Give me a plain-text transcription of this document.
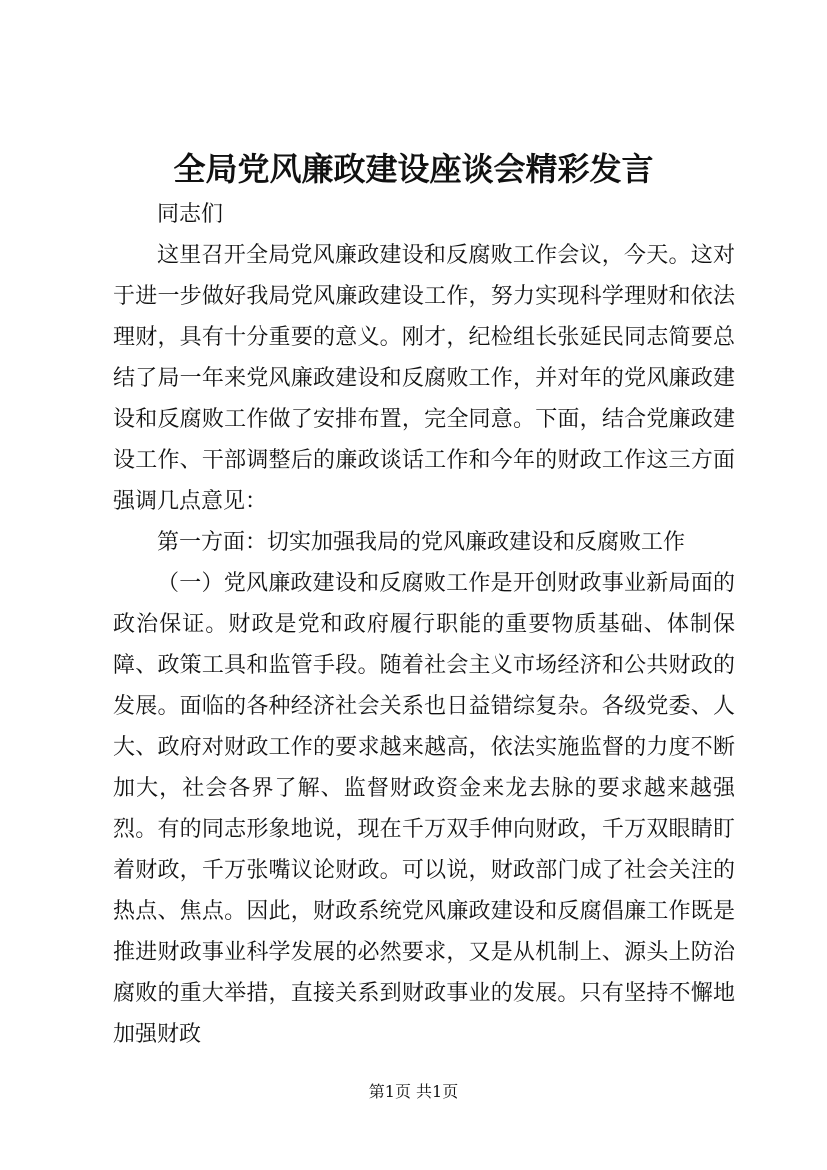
全局党风廉政建设座谈会精彩发言

同志们

这里召开全局党风廉政建设和反腐败工作会议，今天。这对于进一步做好我局党风廉政建设工作，努力实现科学理财和依法理财，具有十分重要的意义。刚才，纪检组长张延民同志简要总结了局一年来党风廉政建设和反腐败工作，并对年的党风廉政建设和反腐败工作做了安排布置，完全同意。下面，结合党廉政建设工作、干部调整后的廉政谈话工作和今年的财政工作这三方面强调几点意见：

第一方面：切实加强我局的党风廉政建设和反腐败工作

（一）党风廉政建设和反腐败工作是开创财政事业新局面的政治保证。财政是党和政府履行职能的重要物质基础、体制保障、政策工具和监管手段。随着社会主义市场经济和公共财政的发展。面临的各种经济社会关系也日益错综复杂。各级党委、人大、政府对财政工作的要求越来越高，依法实施监督的力度不断加大，社会各界了解、监督财政资金来龙去脉的要求越来越强烈。有的同志形象地说，现在千万双手伸向财政，千万双眼睛盯着财政，千万张嘴议论财政。可以说，财政部门成了社会关注的热点、焦点。因此，财政系统党风廉政建设和反腐倡廉工作既是推进财政事业科学发展的必然要求，又是从机制上、源头上防治腐败的重大举措，直接关系到财政事业的发展。只有坚持不懈地加强财政

第1页 共1页
